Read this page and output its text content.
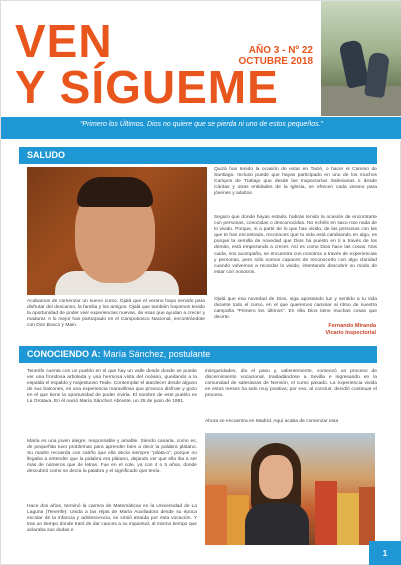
VEN
Y SÍGUEME
AÑO 3 - Nº 22
OCTUBRE 2018
“Primero los Últimos. Dios no quiere que se pierda ni uno de estos pequeños.”
SALUDO
Acabamos de comenzar un nuevo curso. Ojalá que el verano haya servido para disfrutar del descanso, la familia y los amigos. Ojalá que también hayamos tenido la oportunidad de poder vivir experiencias nuevas, de esas que ayudan a crecer y madurar. A lo mejor has participado en el Campobosco Nacional, encontrándote con Don Bosco y Main.
Quizá has tenido la ocasión de estar en Taizé, o hacer el Camino de Santiago. Incluso puede que hayas participado en uno de los muchos Campos de Trabajo que desde las Inspectorías Salesianas o desde Cáritas y otras entidades de la Iglesia, se ofrecen cada verano para jóvenes y adultos.
Seguro que donde hayas estado, habrás tenido la ocasión de encontrarte con personas, conocidas o desconocidas. No echéis en saco roto nada de lo vivido. Porque, si a partir de lo que has vivido, de las personas con las que te has encontrado, reconoces que tu vida está cambiando en algo, es porque la semilla de novedad que Dios ha puesto en ti a través de los demás, está empezando a crecer. Así es como Dios hace las cosas. Nos cuida, nos acompaña, se encuentra con nosotros a través de experiencias y personas, pero sólo somos capaces de reconocerlo con algo claridad cuando volvemos a recordar lo vivido, intentando descubrir su modo de estar con nosotros.
Ojalá que esa novedad de Dios, siga apostando luz y sentido a tu vida durante todo el curso, en el que queremos caminar al ritmo de nuestra campaña “Primero los últimos”. En ella Dios tiene muchas cosas que decirte.
Fernando Miranda
Vicario Inspectorial
CONOCIENDO A: María Sánchez, postulante
Tenerife cuenta con un pueblo en el que hay un valle desde donde se puede ver una frondosa arboleda y una hermosa vista del océano, quedando a la espalda el espaldo y majestuoso Teide. Contemplar el atardecer desde alguno de sus balcones, es una experiencia maravillosa que provoca disfrute y gozo en el que tiene la oportunidad de poder vivirla. El nombre de este pueblo es La Orotava. En él nació María Sánchez Abrante, un 25 de junio de 1991.
María es una joven alegre, responsable y amable. Siendo canaria, como es, de pequeñita tuvo problemas para aprender bien a decir la palabra plátano. Su madre recuerda con cariño que ella decía siempre “pilata-o”, porque no llegaba a entender que la palabra era plátano, dejando ver que ella iba a ser más de números que de letras. Fue en el cole, ya con 4 o 5 años, donde descubrió como se decía la palabra y el significado que tenía.
Hace dos años, terminó la carrera de Matemáticas en la Universidad de La Laguna (Tenerife). Unida a las Hijas de María Auxiliadora desde su época escolar de la infancia y adolescencia, se sintió atraída por esta vocación. Y tras un tiempo donde trató de dar cauces a su inquietud, al mismo tiempo que aclaraba sus dudas e
inseguridades, dio el paso y, valientemente, comenzó un proceso de discernimiento vocacional, trasladándose a Sevilla e ingresando en la comunidad de salesianas de Nervión, el curso pasado. La experiencia vivida en estos meses ha sido muy positiva; por eso, al concluir, decidió continuar el proceso.
Ahora se encuentra en Madrid. Aquí acaba de comenzar esta
1
